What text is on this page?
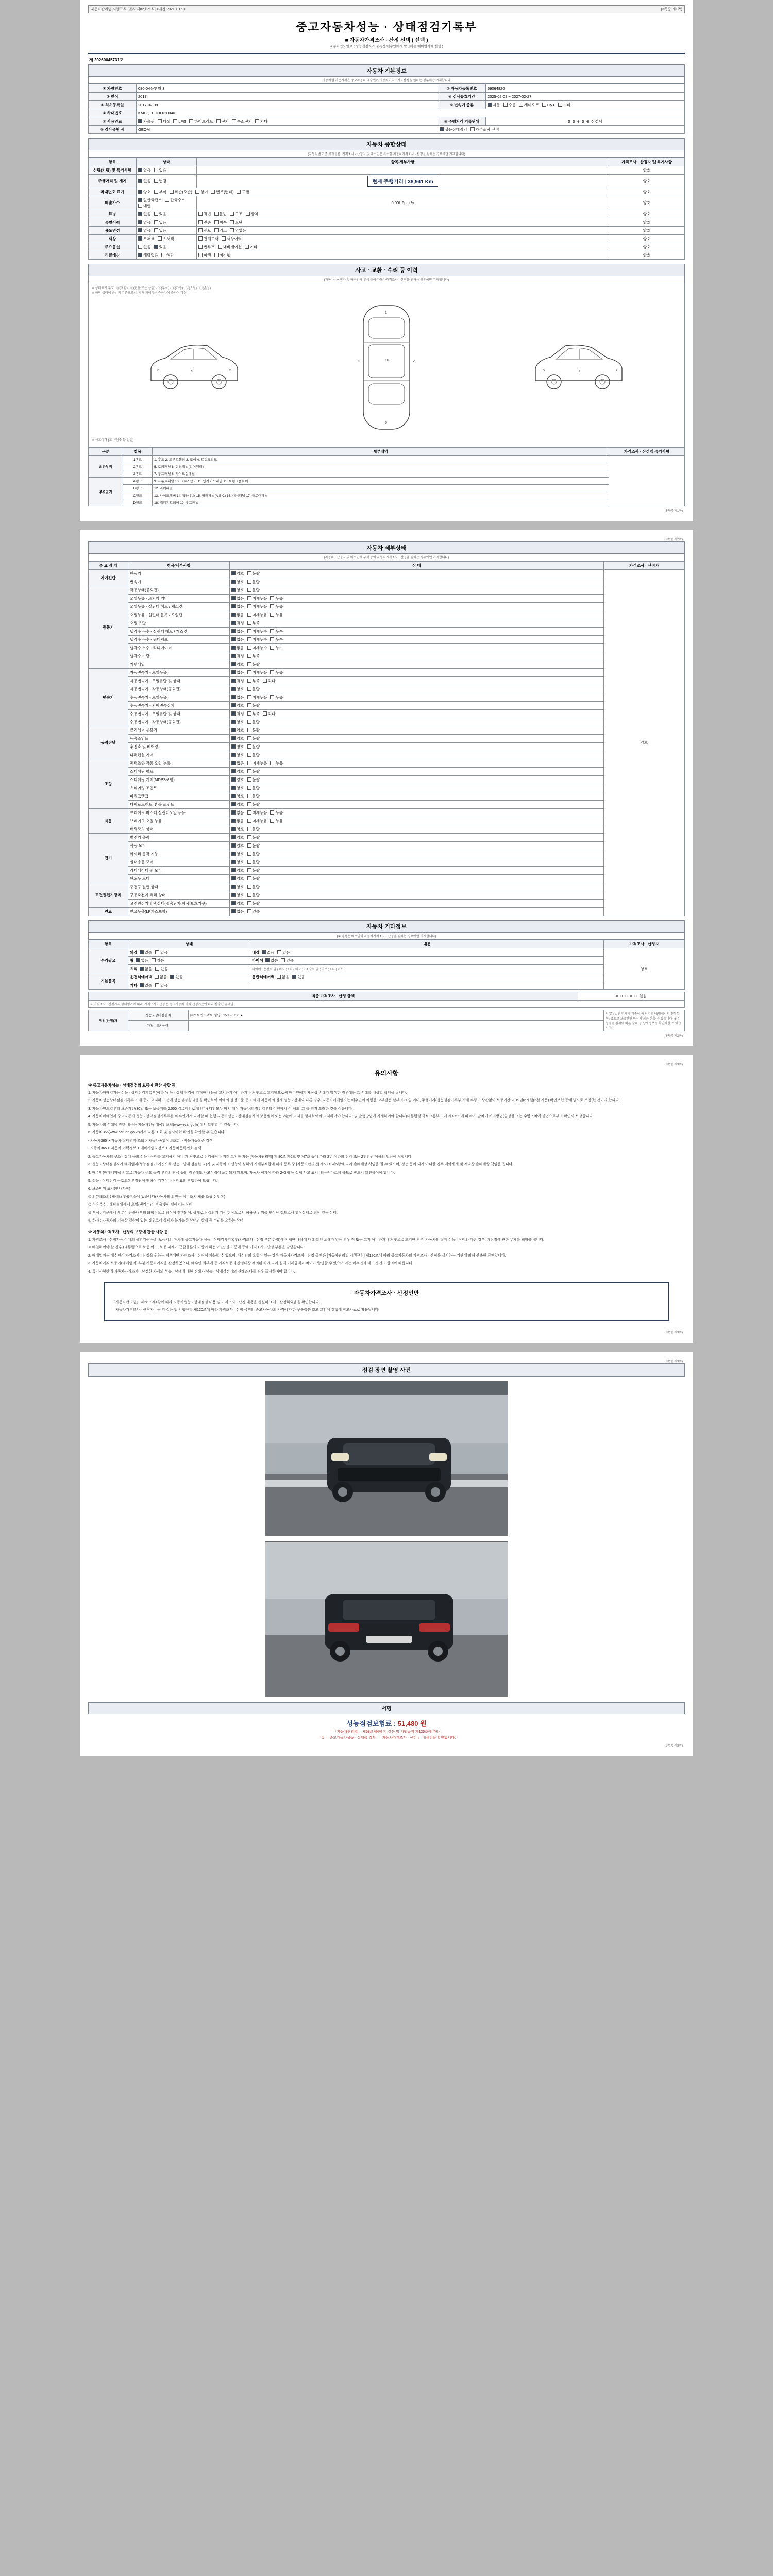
자동차관리법 시행규칙 [별지 제82호서식] <개정 2021.1.15.>	(3쪽중 제1쪽)
중고자동차성능 · 상태점검기록부
■ 자동차가격조사 · 산정 선택 ( 선택 )
자동차인도일로 ( 성능점검자가 불특정 매수인에게 발급하는 매매업자에 한함 )
제 20260045731호
자동차 기본정보
(자동차법 기준가격은 중고자동차 매수인이 자동차가격조사 · 산정을 원하는 경우에만 기재합니다)
① 차량번호	080-04뉴엠월 3	② 자동차등록번호	69064820
③ 연식	2017	④ 검사유효기간	2025-02-08 ~ 2027-02-27
⑤ 최초등록일	2017-02-09	⑥ 변속기 종류	자동 수동 세미오토 CVT 기타
⑦ 차대번호	KMHQLEDHL020040		
⑧ 사용연료	가솔린 디젤 LPG 하이브리드 전기 수소전기 기타	⑨ 주행거리 기록단위	0 0 0 0 0 산정됨
⑩ 검사유형 시	GEOM	성능상태점검 가격조사·산정	
자동차 종합상태
(자동차법 기준 주행물론, 가격조사 · 산정자 및 매수인은 특수한 자동차가격조사 · 산정을 원하는 경우에만 기재합니다)
항목	상태	항목/세부사항	가격조사 · 산정자 및 특기사항
선팅(지팅) 및 특기사항	없음 있음		양호
주행거리 및 계기	없음 변경	현재 주행거리 | 38,941 Km	양호
차대번호 표기	양호 부식 훼손(오손) 상이 변조(변타) 도말		양호
배출가스	일산화탄소 탄화수소매연	0.00L 5pm %	양호
튜닝	없음 있음	적법 불법 구조 장치	양호
특별이력	없음 있음	전손 침수 도난	양호
용도변경	없음 있음	렌트 리스 영업용	양호
색상	무채색 유채색	전체도색 색상이력	양호
주요옵션	없음 있음	썬루프 내비게이션 기타	양호
리콜대상	해당없음 해당	이행 미이행	양호
사고 · 교환 · 수리 등 이력
(자동차 · 산정자 및 매수인에 부식 등이 자동차가격조사 · 산정을 원하는 경우에만 기재합니다)
※ 상태표시 부호 : ⓧ(교환) · ⓦ(판금 또는 용접) · ⓐ(부식) · ⓣ(가공) · ⓒ(요철) · ⓛ(손상)
※ 하단 상태에 순번의 기준으로서, 기재 위해적은 승용차에 준하여 작성
3	9	5
1
10
5
2	2
3
9
5
※ 사고이력 (교차/침수 등 점검)
구분	항목	세부내역	가격조사 · 산정액 특기사항
외판부위	1랭크	1. 후드 2. 프론트휀더 3. 도어 4. 트렁크리드	
	2랭크	5. 로커패널 6. 쿼터패널(리어휀더)	
	3랭크	7. 루프패널 8. 사이드실패널	
주요골격	A랭크	9. 프론트패널 10. 크로스멤버 11. 인사이드패널 11. 트렁크플로어	
	B랭크	12. 리어패널	
	C랭크	13. 사이드멤버 14. 휠하우스 15. 필러패널(A,B,C) 16. 대쉬패널 17. 플로어패널	
	D랭크	18. 패키지트레이 19. 루프패널	
(3쪽중 제1쪽)
(3쪽중 제2쪽)
자동차 세부상태
(자동차 · 산정자 및 매수인에 부식 등이 자동차가격조사 · 산정을 원하는 경우에만 기재합니다)
주 요 장 치	항목/세부사항	상 태	가격조사 · 산정자
자기진단	원동기	양호 불량	양호
	변속기	양호 불량	
원동기	작동상태(공회전)	양호 불량	
	오일누유 - 로커암 커버	없음 미세누유 누유	
	오일누유 - 실린더 헤드 / 개스킷	없음 미세누유 누유	
	오일누유 - 실린더 블록 / 오일팬	없음 미세누유 누유	
	오일 유량	적정 부족	
	냉각수 누수 - 실린더 헤드 / 개스킷	없음 미세누수 누수	
	냉각수 누수 - 워터펌프	없음 미세누수 누수	
	냉각수 누수 - 라디에이터	없음 미세누수 누수	
	냉각수 수량	적정 부족	
	커먼레일	양호 불량	
변속기	자동변속기 - 오일누유	없음 미세누유 누유	
	자동변속기 - 오일유량 및 상태	적정 부족 과다	
	자동변속기 - 작동상태(공회전)	양호 불량	
	수동변속기 - 오일누유	없음 미세누유 누유	
	수동변속기 - 기어변속장치	양호 불량	
	수동변속기 - 오일유량 및 상태	적정 부족 과다	
	수동변속기 - 작동상태(공회전)	양호 불량	
동력전달	클러치 어셈블리	양호 불량	
	등속조인트	양호 불량	
	추진축 및 베어링	양호 불량	
	디퍼렌셜 기어	양호 불량	
조향	동력조향 작동 오일 누유	없음 미세누유 누유	
	스티어링 펌프	양호 불량	
	스티어링 기어(MDPS포함)	양호 불량	
	스티어링 조인트	양호 불량	
	파워크랭크	양호 불량	
	타이로드엔드 및 볼 조인트	양호 불량	
제동	브레이크 마스터 실린더오일 누유	없음 미세누유 누유	
	브레이크 오일 누유	없음 미세누유 누유	
	배력장치 상태	양호 불량	
전기	발전기 출력	양호 불량	
	시동 모터	양호 불량	
	와이퍼 동작 기능	양호 불량	
	실내송풍 모터	양호 불량	
	라디에이터 팬 모터	양호 불량	
	윈도우 모터	양호 불량	
고전원전기장치	충전구 절연 상태	양호 불량	
	구동축전지 격리 상태	양호 불량	
	고전원전기배선 상태(접속단자,피복,보호기구)	양호 불량	
연료	연료누출(LP가스포함)	없음 있음	
자동차 기타정보
(① 항목은 매수인이 자동차가격조사 · 산정을 원하는 경우에만 기재합니다)
항목	상태	내용	가격조사 · 산정자
수리필요	외장 없음 있음	내장 없음 있음	양호
	휠 없음 있음	타이어 없음 있음	
	유리 없음 있음	타이어 : 운전석 앞 ( 마모 ) / 뒤 ( 마모 ) · 조수석 앞 ( 마모 ) / 뒤 ( 마모 )	
기본품목	운전석에어백 없음 있음	동반석에어백 없음 있음	
	기타 없음 있음		
최종 가격조사 · 산정 금액	0 0 0 0 0 천원
※ 가격조사 · 산정가격 상태평가에 따라 '가격조사 · 산정'은 중고자동차 가격 산정기준에 따라 산출한 금액임
점검(산정)자	성능 · 상태점검자	㈜오토인스펙트 성명 : 1533-0730 ▲	의(業) 법인 명세의 기술이 특론 검결서(명세서의 첨부항목) 중요교 보증전인 한성의 최근 산출 수 있음니다. ※ 성능점검 결과에 따른 수치 등 상세정보를 확인하실 수 있습니다.
	가격 · 조사산정		
(3쪽중 제2쪽)
(3쪽중 제3쪽)
유의사항
※ 중고자동차성능 · 상태점검의 보증에 관한 사항 등

1. 자동차매매업자는 성능 · 상태점검기록부(이하 "성능 · 상태 점검에 기재한 내용을 교지하기 아니하거나 거짓으로 고지할으로써 매수인에게 재산상 손해가 발생한 경우에는 그 손해를 배상할 책임을 집니다.

2. 자동차성능상태점검기록부 기재 등이 고지하기 전에 성능점검을 내용을 확인하여 이에의 설명기준 등의 매매 자동차의 실제 성능 · 상태와 다른 경우, 자동차매매업자는 매수인이 차량을 교부받은 날부터 30일 이내, 주행거리(성능점검기록부 기재 수량도 상관없이 보증기간 2019년(6개월(2천 기준) 확인보험 등에 별도로 보상(한 것이라 합니다.

3. 자동차인도일부터 보증기간(30일 또는 보증거리(2,000 킬로미터로 할인다) 다만모두 마쳐 대상 자동차의 점검일부터 이전까지 이 제외, 그 중 먼저 도래한 것을 이릅니다.

4. 자동차매매업자 중고자동차 성능 · 상태점검기록부를 매수인에게 교지할 때 현행 자동차성능 · 상태점검자의 보증범위 또는교환에 고시를 함께하여야 고지하여야 합니다. 및 발행방법에 기재하여야 합니다(대통령령 국토교통부 고시 제4-5조에 따르며, 발치이 처리방법(일정한 또는 수량조치에 불법으로부터 확인이 보장합니다.

5. 자동차의 손해에 관한 내용은 자동차민원대국민포털(www.ecar.go.kr)에서 확인할 수 있습니다.

6. 자동차365(www.car365.go.kr)에서 교통 조회 및 검사이력 확인을 확인할 수 있습니다.

- 자동차365 > 자동차 실태평가 조회 > 자동차종합이력조회 > 자동차등록증 검색

- 자동차365 > 자동차 이력정보 > 매매사업자정보 > 자동차등록번호 검색

2. 중고자동차의 구조 · 장치 등의 성능 · 상태를 고지하지 아니 거 거짓으로 점검하거나 거짓 고지한 자는 [자동차관리법] 제 80조 제6호 및 제7조 등에 따라 2년 이하의 징역 또는 2천만원 이하의 벌금에 처합니다.

3. 성능 · 상태점검자가 매매업자(성능점검기 거짓으로 성능 · 상태 점검한 자(가 및 자동차의 성능이 심하여 지체부적합에 따라 등록 중 [자동차관리법] 제58조 제5항에 따라 손해배상 책임을 질 수 있으며, 성능 등이 되지 아니한 경우 계약해제 및 계약상 손해배상 책임을 집니다.

4. 매수인(매매계약을 시고로 자동차 주요 골격 부위의 판금 등의 경우에도 사고이력에 포함되지 않으며, 자동차 평가에 따라 2~3개 등 실제 사고 표시 내용은 다르게 하므로 반드시 확인하여야 합니다.

5. 성능 · 상태점검 국토교통부장관이 인하여 기간이나 상태표의 방법하여 드립니다.

6. 보증범위 표시(안내사항)

① 의(제8조의5제4호) 부품항목에 있습니다(자동차의 외전는 정비조치 제품 조립 산전통)

② 누유수수 : 해당부위에서 오일(냉각수)이 방울맺혀 떨어지는 상태

③ 부식 : 지문에서 부분이 금속내부의 화학적으로 침식이 진행되어, 상태로 삼실되거 기존 현상으로서 허용구 범위를 벗어난 정도로서 침식상태로 되어 있는 상태.

④ 하자 : 자동차의 기능상 결함이 있는 경우로서 실제가 불가능한 상태의 상태 등 수리를 요하는 상태

※ 자동차가격조사 · 산정의 보증에 관한 사항 등

1. 가격조사 · 산정자는 이에의 설명기준 등의 보증기의 마쳐에 중고자동차 성능 · 상태검사기록부(가격조사 · 산정 부분 한정)에 기재한 내용에 대해 확인 오해가 있는 경우 적 또는 고지 아니하거나 거짓으로 고지한 경우, 자동차의 실제 성능 · 상태와 다른 경우, 계산점에 관한 무게를 책임을 집니다.

※ 매일하여야 할 경우 (대통령으로 보험 어느, 보증 자체가 근할물론의 이상이 하는 기간, 권의 중에 등에 가격조사 · 산정 부분을 담당합니다.

2. 매매업자는 매수인이 가격조사 · 산정을 원하는 경우에만 가격조사 · 산정이 가능할 수 있으며, 매수인의 요청이 있는 경우 자동차가격조사 · 산정 금액은 [자동차관리법 시행규칙] 제120조에 따라 중고자동차의 가격조사 · 산정을 실시하는 기관에 의해 산출한 금액입니다.

3. 자동차가격 보증기(매매업자) 부분 자동차가격을 산정하였으나, 매수인 회부에 등 가격보증의 산정대상 제외된 바에 따라 실제 거래금액과 차이가 발생할 수 있으며 이는 매수인과 매도인 간의 합의에 따릅니다.

4. 특기사항란에 자동차가격조사 · 산정한 가격의 성능 · 상태에 대한 견해가 상능 · 상태검점기의 견해와 다를 경우 표시하여야 합니다.

자동차가격조사 · 산정인만

「자동차관리법」 제58조제4항에 따라 자동차성능 · 상태점검 내용 및 가격조사 · 산정 내용을 성실히 조사 · 산정하였음을 확인합니다.

「자동차가격조사 · 산정자」는 위 같은 법 시행규칙 제120조에 따라 가격조사 · 산정 금액의 중고자동차의 가격에 대한 구속력은 없고 교환에 경험에 참고자료로 활용됩니다.

(3쪽중 제3쪽)
(3쪽중 제3쪽)
점검 장면 촬영 사진
서명
성능점검보험료 : 51,480 원
「 「자동차관리법」 제58조제4항 및 같은 법 시행규칙 제120조에 따라 」
「 1 」 중고자동차성능 · 상태를 검사, 「 자동차가격조사 · 산정 」 내용검을 확인합니다.
(3쪽중 제3쪽)
